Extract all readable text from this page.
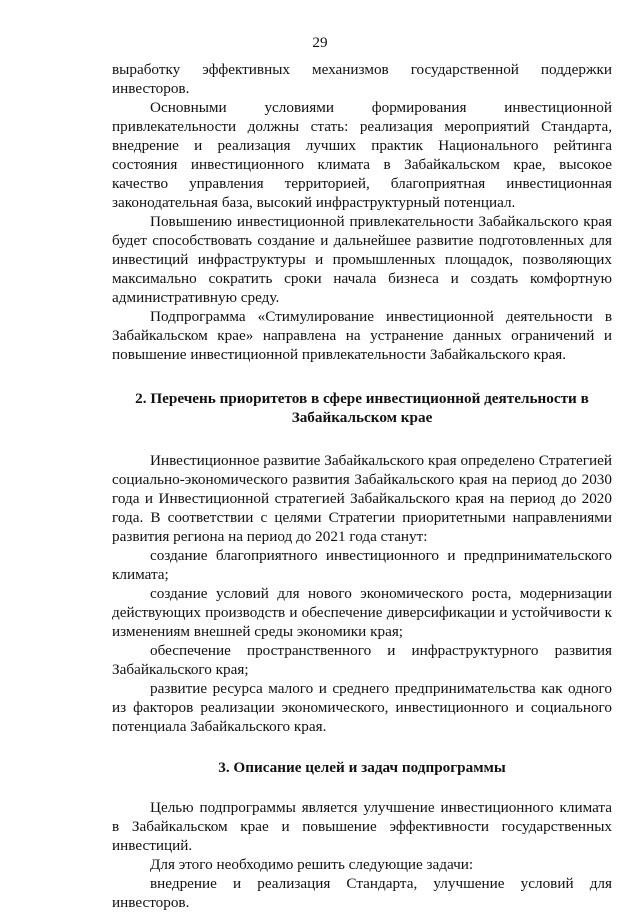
29

выработку эффективных механизмов государственной поддержки инвесторов.

Основными условиями формирования инвестиционной привлекательности должны стать: реализация мероприятий Стандарта, внедрение и реализация лучших практик Национального рейтинга состояния инвестиционного климата в Забайкальском крае, высокое качество управления территорией, благоприятная инвестиционная законодательная база, высокий инфраструктурный потенциал.

Повышению инвестиционной привлекательности Забайкальского края будет способствовать создание и дальнейшее развитие подготовленных для инвестиций инфраструктуры и промышленных площадок, позволяющих максимально сократить сроки начала бизнеса и создать комфортную административную среду.

Подпрограмма «Стимулирование инвестиционной деятельности в Забайкальском крае» направлена на устранение данных ограничений и повышение инвестиционной привлекательности Забайкальского края.

2. Перечень приоритетов в сфере инвестиционной деятельности в Забайкальском крае

Инвестиционное развитие Забайкальского края определено Стратегией социально-экономического развития Забайкальского края на период до 2030 года и Инвестиционной стратегией Забайкальского края на период до 2020 года. В соответствии с целями Стратегии приоритетными направлениями развития региона на период до 2021 года станут:

создание благоприятного инвестиционного и предпринимательского климата;

создание условий для нового экономического роста, модернизации действующих производств и обеспечение диверсификации и устойчивости к изменениям внешней среды экономики края;

обеспечение пространственного и инфраструктурного развития Забайкальского края;

развитие ресурса малого и среднего предпринимательства как одного из факторов реализации экономического, инвестиционного и социального потенциала Забайкальского края.

3. Описание целей и задач подпрограммы

Целью подпрограммы является улучшение инвестиционного климата в Забайкальском крае и повышение эффективности государственных инвестиций.

Для этого необходимо решить следующие задачи:

внедрение и реализация Стандарта, улучшение условий для инвесторов.
